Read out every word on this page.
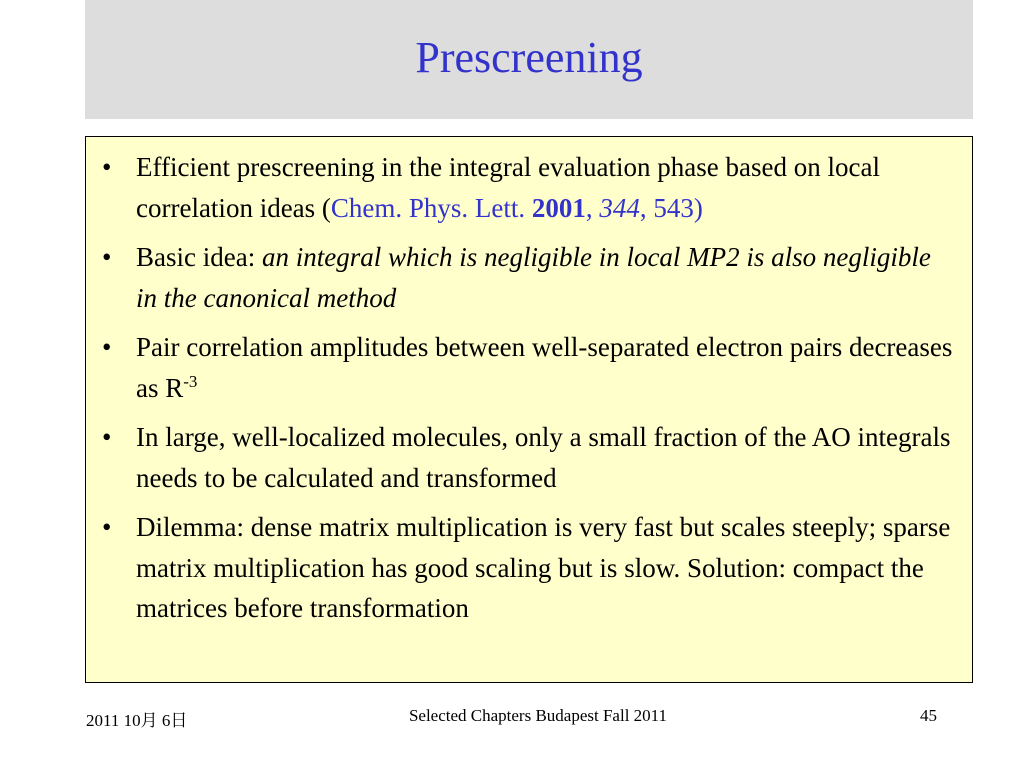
Prescreening
• Efficient prescreening in the integral evaluation phase based on local correlation ideas (Chem. Phys. Lett. 2001, 344, 543)
• Basic idea: an integral which is negligible in local MP2 is also negligible in the canonical method
• Pair correlation amplitudes between well-separated electron pairs decreases as $R^{-3}$
• In large, well-localized molecules, only a small fraction of the AO integrals needs to be calculated and transformed
• Dilemma: dense matrix multiplication is very fast but scales steeply; sparse matrix multiplication has good scaling but is slow. Solution: compact the matrices before transformation
2011 10月 6日	Selected Chapters Budapest Fall 2011	45
